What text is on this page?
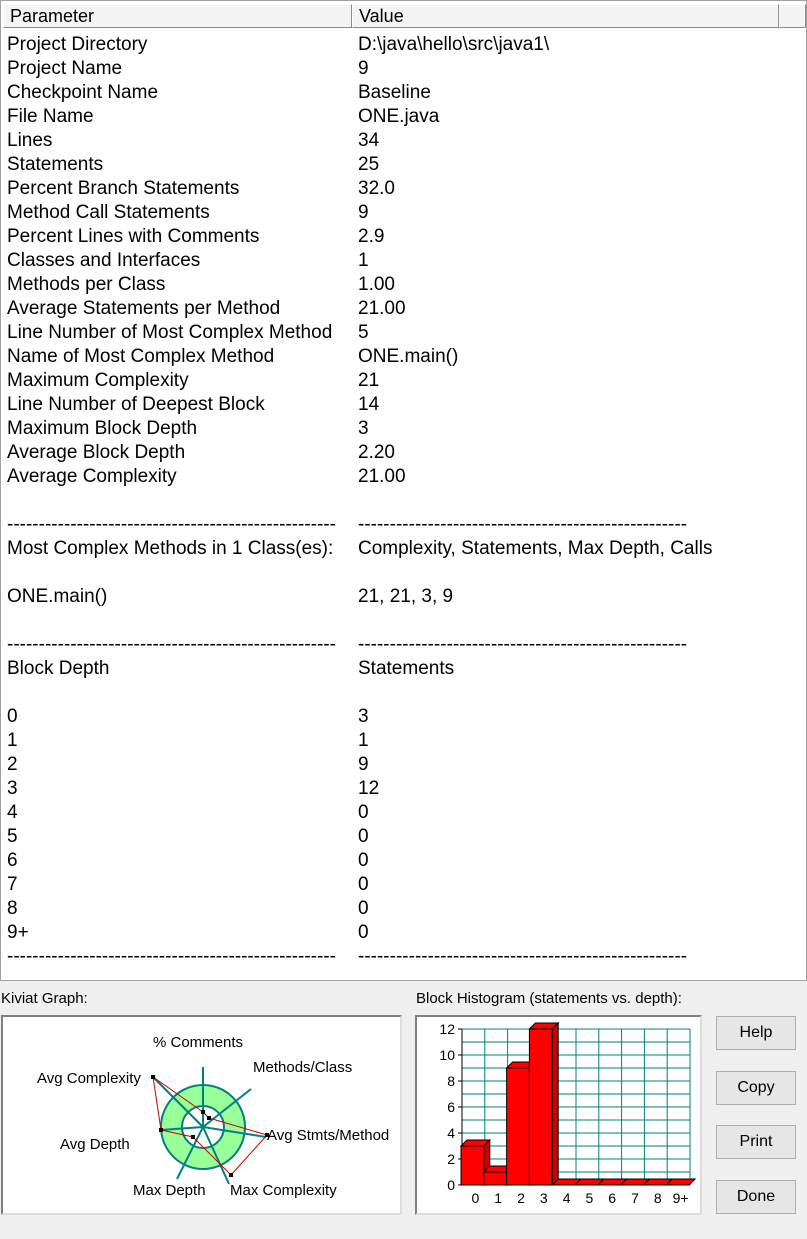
Parameter	Value
Project Directory	D:\java\hello\src\java1\
Project Name	9
Checkpoint Name	Baseline
File Name	ONE.java
Lines	34
Statements	25
Percent Branch Statements	32.0
Method Call Statements	9
Percent Lines with Comments	2.9
Classes and Interfaces	1
Methods per Class	1.00
Average Statements per Method	21.00
Line Number of Most Complex Method 5
Name of Most Complex Method	ONE.main()
Maximum Complexity	21
Line Number of Deepest Block	14
Maximum Block Depth	3
Average Block Depth	2.20
Average Complexity	21.00
---------------------------------------------------- ----------------------------------------------------
Most Complex Methods in 1 Class(es): Complexity, Statements, Max Depth, Calls
ONE.main()	21, 21, 3, 9
---------------------------------------------------- ----------------------------------------------------
Block Depth	Statements
0	3
1	1
2	9
3	12
4	0
5	0
6	0
7	0
8	0
9+	0
---------------------------------------------------- ----------------------------------------------------
Kiviat Graph:	Block Histogram (statements vs. depth):
% Comments
Methods/Class
Avg Stmts/Method
Max Complexity
Max Depth
Avg Depth
Avg Complexity
0
2
4
6
8
10
12
0 1 2 3 4 5 6 7 8 9+
Help
Copy
Print
Done
